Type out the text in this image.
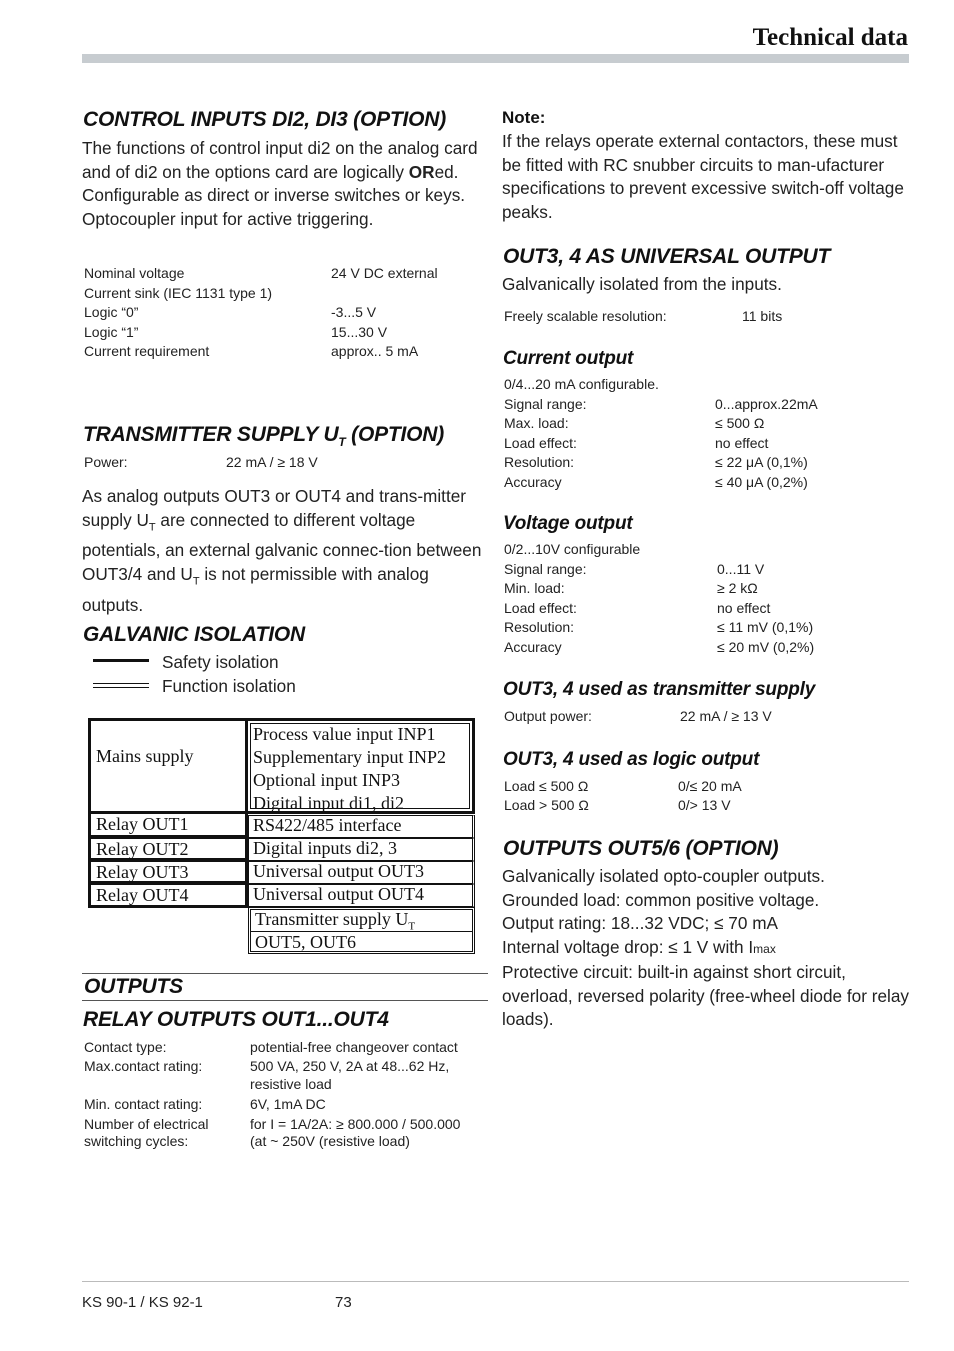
Technical data
CONTROL INPUTS DI2, DI3 (OPTION)
The functions of control input di2 on the analog card and of di2 on the options card are logically ORed.
Configurable as direct or inverse switches or keys.
Optocoupler input for active triggering.
Nominal voltage	24 V DC external
Current sink (IEC 1131 type 1)
Logic “0”	-3...5 V
Logic “1”	15...30 V
Current requirement	approx.. 5 mA
TRANSMITTER SUPPLY $U_T$ (OPTION)
Power:	22 mA / ≥ 18 V
As analog outputs OUT3 or OUT4 and trans-mitter supply $U_T$ are connected to different voltage potentials, an external galvanic connec-tion between OUT3/4 and $U_T$ is not permissible with analog outputs.
GALVANIC ISOLATION
Safety isolation
Function isolation
Mains supply
Process value input INP1
Supplementary input INP2
Optional input INP3
Digital input di1, di2
Relay OUT1
Relay OUT2
Relay OUT3
Relay OUT4
RS422/485 interface
Digital inputs di2, 3
Universal output OUT3
Universal output OUT4
Transmitter supply $U_T$
OUT5, OUT6
OUTPUTS
RELAY OUTPUTS OUT1...OUT4
Contact type:	potential-free changeover contact
Max.contact rating:	500 VA, 250 V, 2A at 48...62 Hz,
resistive load
Min. contact rating:	6V, 1mA DC
Number of electrical	for I = 1A/2A: ≥ 800.000 / 500.000
switching cycles:	(at ~ 250V (resistive load)
Note:
If the relays operate external contactors, these must be fitted with RC snubber circuits to man-ufacturer specifications to prevent excessive switch-off voltage peaks.
OUT3, 4 AS UNIVERSAL OUTPUT
Galvanically isolated from the inputs.
Freely scalable resolution:	11 bits
Current output
0/4...20 mA configurable.
Signal range:	0...approx.22mA
Max. load:	≤ 500 Ω
Load effect:	no effect
Resolution:	≤ 22 μA (0,1%)
Accuracy	≤ 40 μA (0,2%)
Voltage output
0/2...10V configurable
Signal range:	0...11 V
Min. load:	≥ 2 kΩ
Load effect:	no effect
Resolution:	≤ 11 mV (0,1%)
Accuracy	≤ 20 mV (0,2%)
OUT3, 4 used as transmitter supply
Output power:	22 mA / ≥ 13 V
OUT3, 4 used as logic output
Load ≤ 500 Ω	0/≤ 20 mA
Load > 500 Ω	0/> 13 V
OUTPUTS OUT5/6 (OPTION)
Galvanically isolated opto-coupler outputs.
Grounded load: common positive voltage.
Output rating: 18...32 VDC; ≤ 70 mA
Internal voltage drop: ≤ 1 V with Imax
Protective circuit: built-in against short circuit, overload, reversed polarity (free-wheel diode for relay loads).
KS 90-1 / KS 92-1	73
